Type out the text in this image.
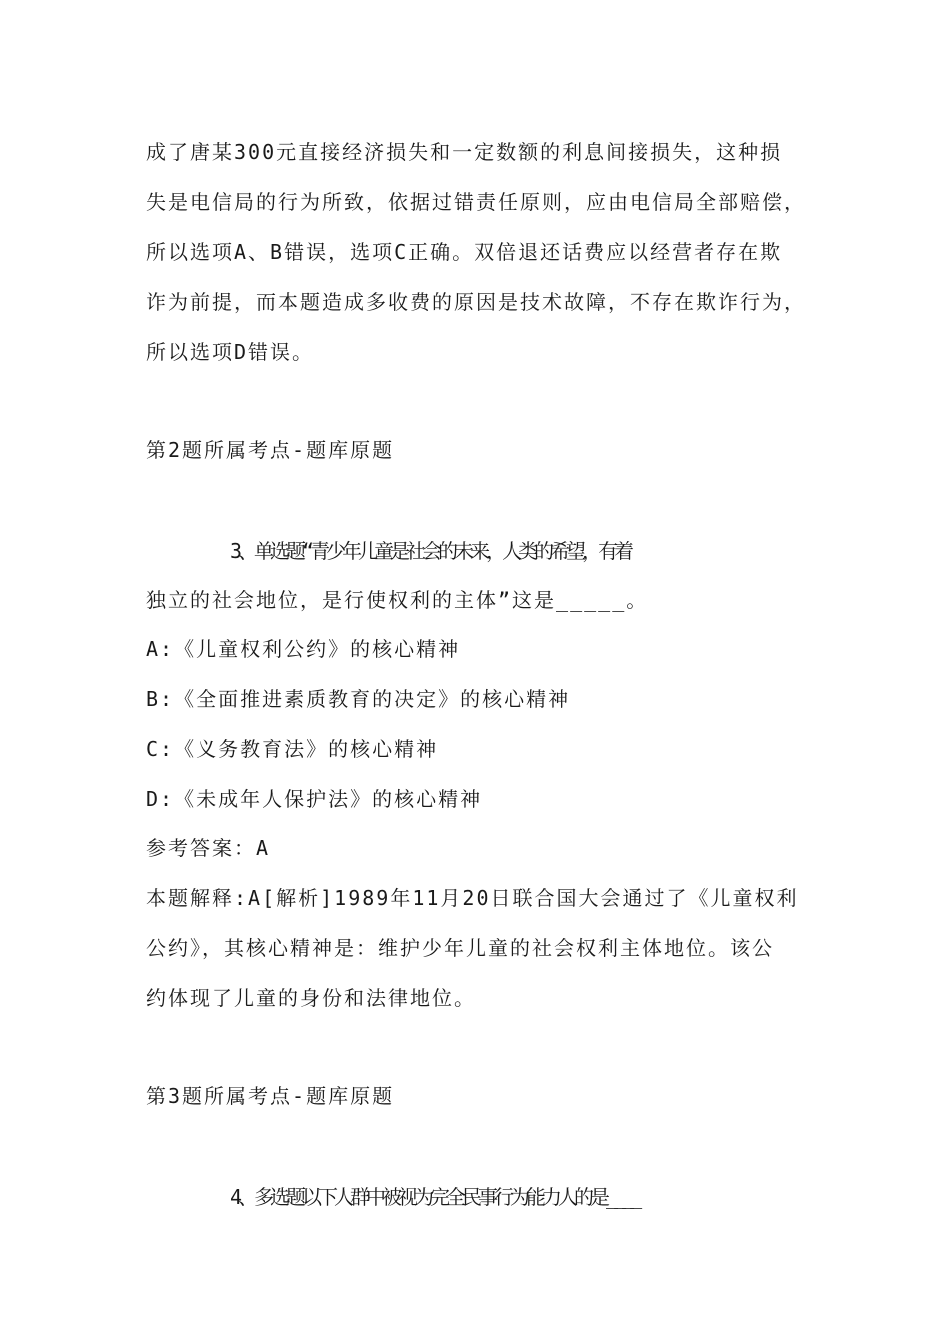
成了唐某300元直接经济损失和一定数额的利息间接损失，这种损
失是电信局的行为所致，依据过错责任原则，应由电信局全部赔偿，
所以选项A、B错误，选项C正确。双倍退还话费应以经营者存在欺
诈为前提，而本题造成多收费的原因是技术故障，不存在欺诈行为，
所以选项D错误。
第2题所属考点-题库原题
3、单选题“青少年儿童是社会的未来，人类的希望，有着
独立的社会地位，是行使权利的主体”这是_____。
A:《儿童权利公约》的核心精神
B:《全面推进素质教育的决定》的核心精神
C:《义务教育法》的核心精神
D:《未成年人保护法》的核心精神
参考答案：A
本题解释:A[解析]1989年11月20日联合国大会通过了《儿童权利
公约》，其核心精神是：维护少年儿童的社会权利主体地位。该公
约体现了儿童的身份和法律地位。
第3题所属考点-题库原题
4、多选题以下人群中被视为完全民事行为能力人的是____
